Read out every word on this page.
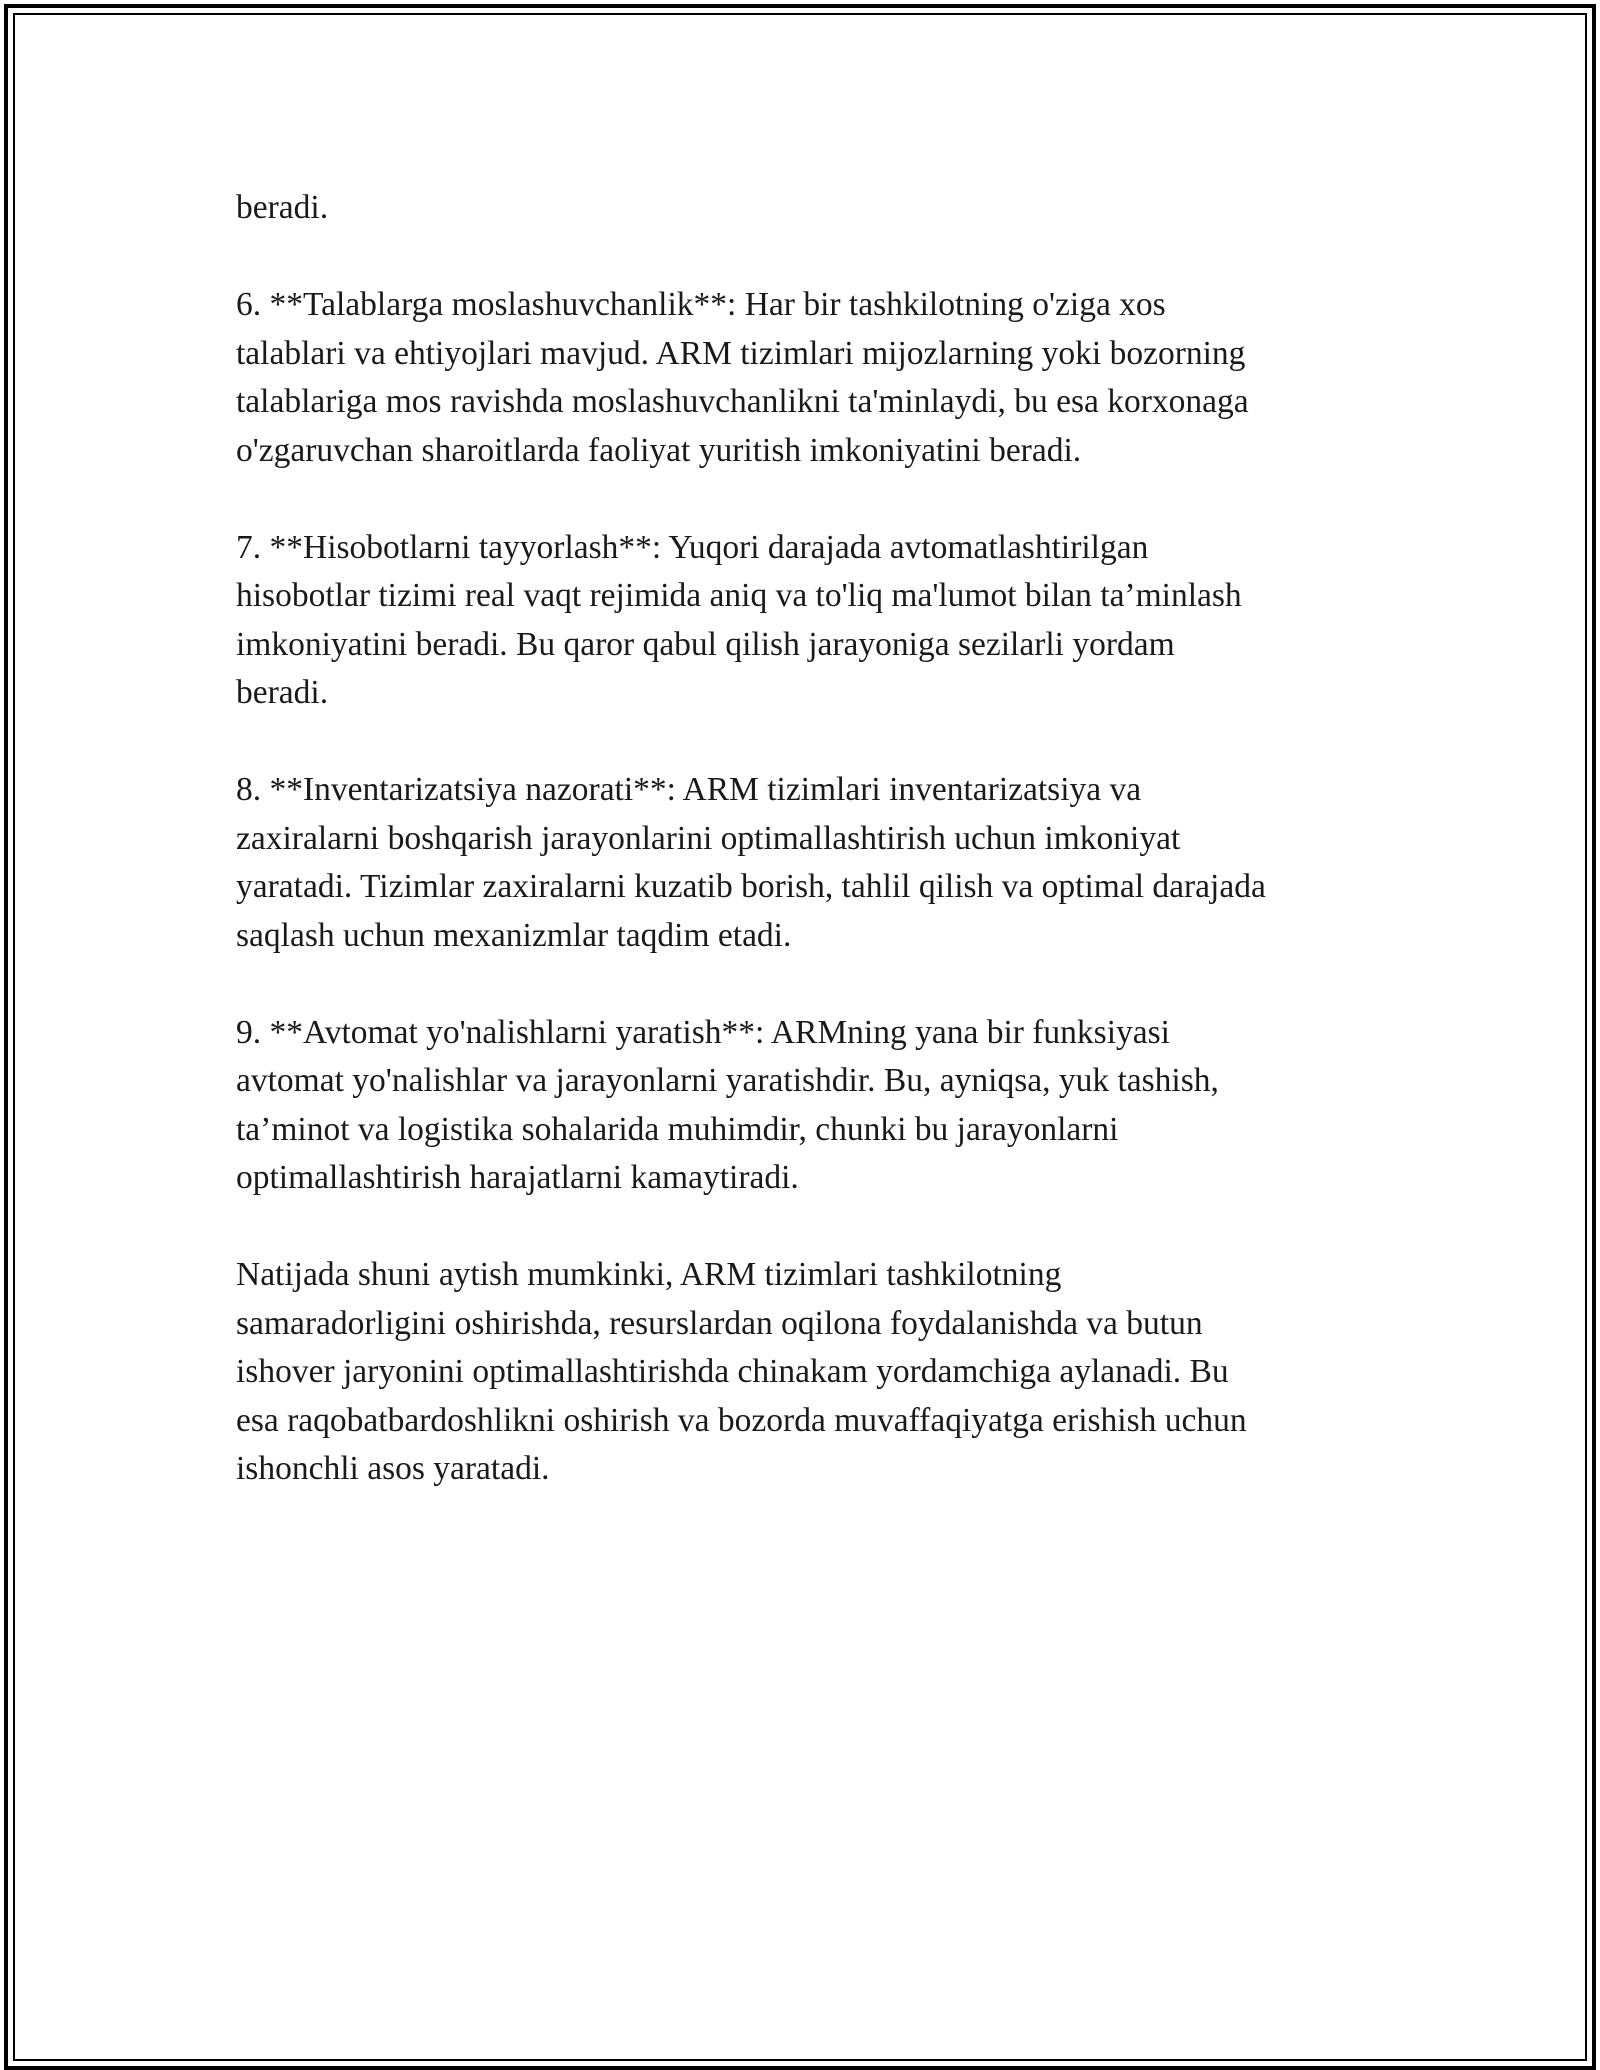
beradi.

6. **Talablarga moslashuvchanlik**: Har bir tashkilotning o'ziga xos
talablari va ehtiyojlari mavjud. ARM tizimlari mijozlarning yoki bozorning
talablariga mos ravishda moslashuvchanlikni ta'minlaydi, bu esa korxonaga
o'zgaruvchan sharoitlarda faoliyat yuritish imkoniyatini beradi.

7. **Hisobotlarni tayyorlash**: Yuqori darajada avtomatlashtirilgan
hisobotlar tizimi real vaqt rejimida aniq va to'liq ma'lumot bilan ta’minlash
imkoniyatini beradi. Bu qaror qabul qilish jarayoniga sezilarli yordam
beradi.

8. **Inventarizatsiya nazorati**: ARM tizimlari inventarizatsiya va
zaxiralarni boshqarish jarayonlarini optimallashtirish uchun imkoniyat
yaratadi. Tizimlar zaxiralarni kuzatib borish, tahlil qilish va optimal darajada
saqlash uchun mexanizmlar taqdim etadi.

9. **Avtomat yo'nalishlarni yaratish**: ARMning yana bir funksiyasi
avtomat yo'nalishlar va jarayonlarni yaratishdir. Bu, ayniqsa, yuk tashish,
ta’minot va logistika sohalarida muhimdir, chunki bu jarayonlarni
optimallashtirish harajatlarni kamaytiradi.

Natijada shuni aytish mumkinki, ARM tizimlari tashkilotning
samaradorligini oshirishda, resurslardan oqilona foydalanishda va butun
ishover jaryonini optimallashtirishda chinakam yordamchiga aylanadi. Bu
esa raqobatbardoshlikni oshirish va bozorda muvaffaqiyatga erishish uchun
ishonchli asos yaratadi.
